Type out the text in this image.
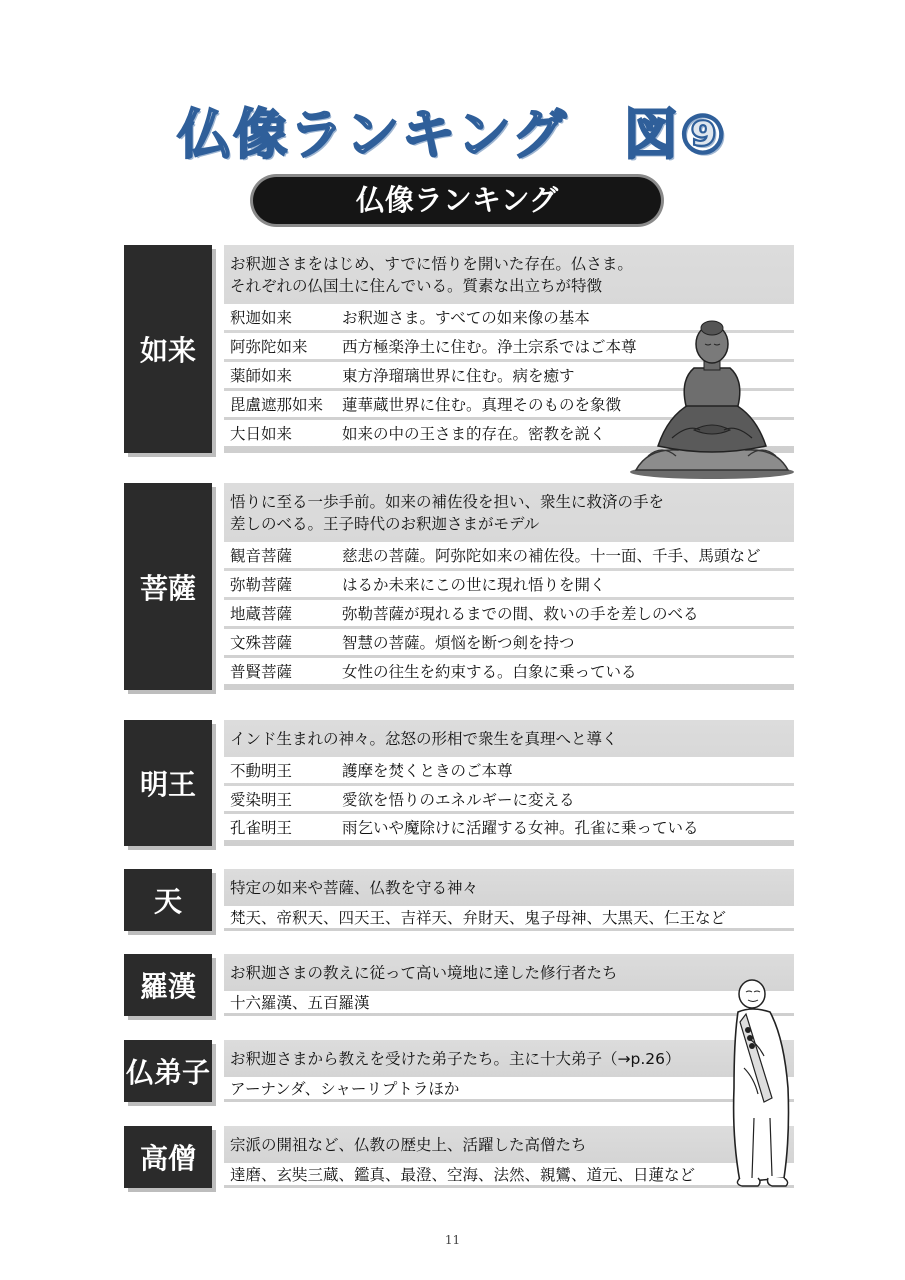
仏像ランキング　図⑨
仏像ランキング
如来
お釈迦さまをはじめ、すでに悟りを開いた存在。仏さま。
それぞれの仏国土に住んでいる。質素な出立ちが特徴
釈迦如来	お釈迦さま。すべての如来像の基本
阿弥陀如来	西方極楽浄土に住む。浄土宗系ではご本尊
薬師如来	東方浄瑠璃世界に住む。病を癒す
毘盧遮那如来	蓮華蔵世界に住む。真理そのものを象徴
大日如来	如来の中の王さま的存在。密教を説く
菩薩
悟りに至る一歩手前。如来の補佐役を担い、衆生に救済の手を
差しのべる。王子時代のお釈迦さまがモデル
観音菩薩	慈悲の菩薩。阿弥陀如来の補佐役。十一面、千手、馬頭など
弥勒菩薩	はるか未来にこの世に現れ悟りを開く
地蔵菩薩	弥勒菩薩が現れるまでの間、救いの手を差しのべる
文殊菩薩	智慧の菩薩。煩悩を断つ剣を持つ
普賢菩薩	女性の往生を約束する。白象に乗っている
明王
インド生まれの神々。忿怒の形相で衆生を真理へと導く
不動明王	護摩を焚くときのご本尊
愛染明王	愛欲を悟りのエネルギーに変える
孔雀明王	雨乞いや魔除けに活躍する女神。孔雀に乗っている
天	特定の如来や菩薩、仏教を守る神々
梵天、帝釈天、四天王、吉祥天、弁財天、鬼子母神、大黒天、仁王など
羅漢	お釈迦さまの教えに従って高い境地に達した修行者たち
十六羅漢、五百羅漢
仏弟子	お釈迦さまから教えを受けた弟子たち。主に十大弟子（→p.26）
アーナンダ、シャーリプトラほか
高僧	宗派の開祖など、仏教の歴史上、活躍した高僧たち
達磨、玄奘三蔵、鑑真、最澄、空海、法然、親鸞、道元、日蓮など
11
